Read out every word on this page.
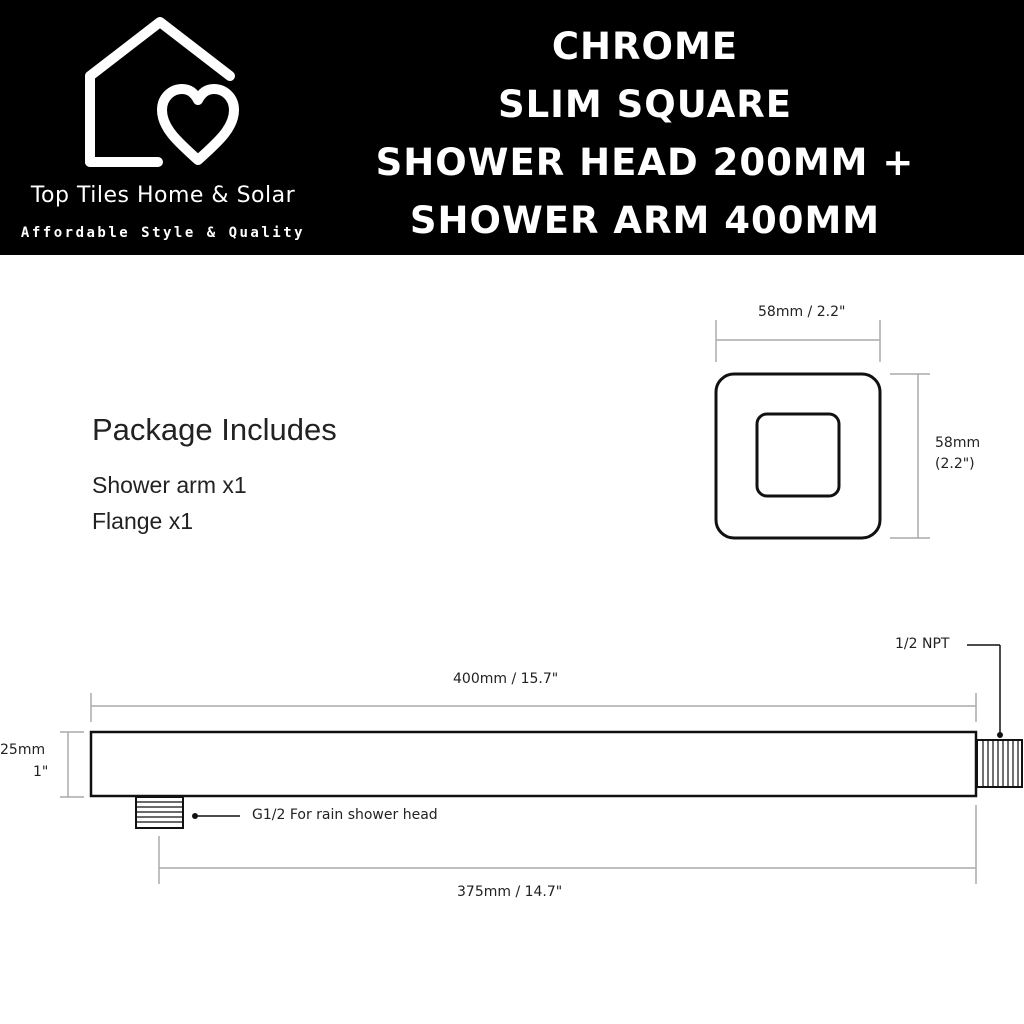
Top Tiles Home & Solar
Affordable Style & Quality
CHROME
SLIM SQUARE
SHOWER HEAD 200MM +
SHOWER ARM 400MM
Package Includes
Shower arm x1
Flange x1
58mm / 2.2"
58mm
(2.2")
400mm / 15.7"
25mm
1"
1/2 NPT
G1/2 For rain shower head
375mm / 14.7"
